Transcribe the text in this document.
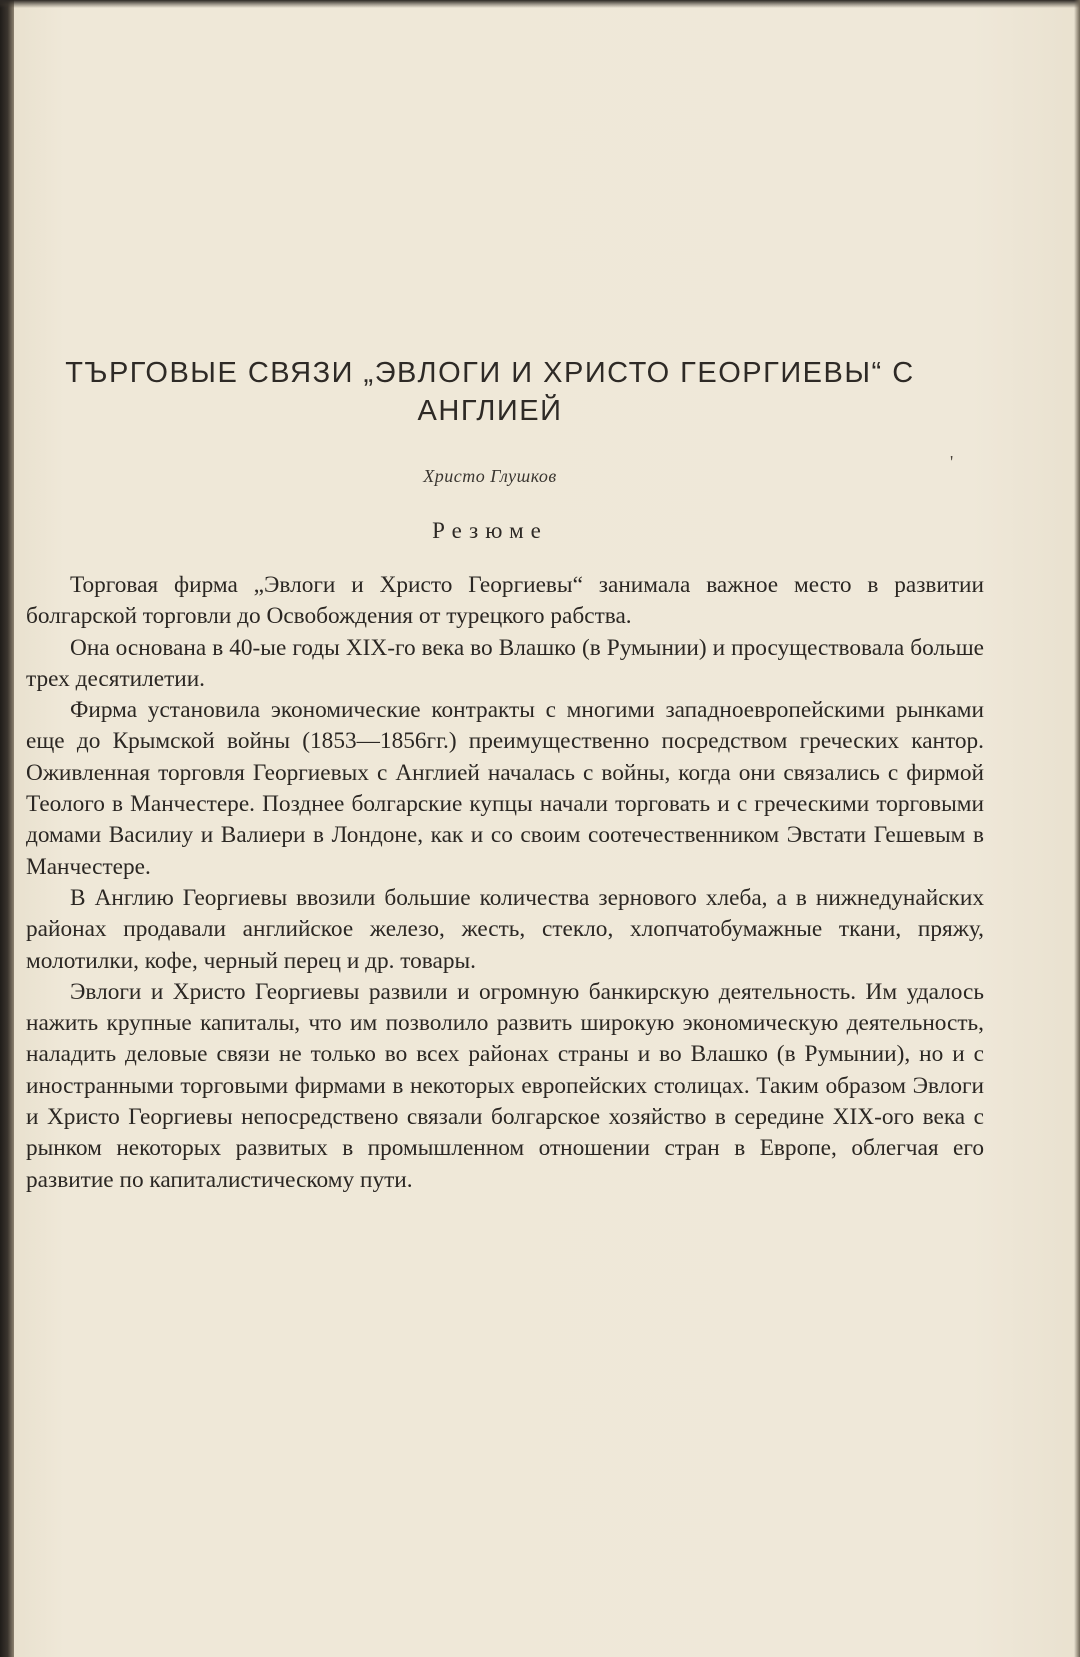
ТЪРГОВЫЕ СВЯЗИ „ЭВЛОГИ И ХРИСТО ГЕОРГИЕВЫ“ С
АНГЛИЕЙ
Христо Глушков
'
Резюме

Торговая фирма „Эвлоги и Христо Георгиевы“ занимала важное место в развитии болгарской торговли до Освобождения от турецкого рабства.

Она основана в 40-ые годы XIX-го века во Влашко (в Румынии) и просуществовала больше трех десятилетии.

Фирма установила экономические контракты с многими западноевропейскими рынками еще до Крымской войны (1853—1856гг.) преимущественно посредством греческих кантор. Оживленная торговля Георгиевых с Англией началась с войны, когда они связались с фирмой Теолого в Манчестере. Позднее болгарские купцы начали торговать и с греческими торговыми домами Василиу и Валиери в Лондоне, как и со своим соотечественником Эвстати Гешевым в Манчестере.

В Англию Георгиевы ввозили большие количества зернового хлеба, а в нижнедунайских районах продавали английское железо, жесть, стекло, хлопчатобумажные ткани, пряжу, молотилки, кофе, черный перец и др. товары.

Эвлоги и Христо Георгиевы развили и огромную банкирскую деятельность. Им удалось нажить крупные капиталы, что им позволило развить широкую экономическую деятельность, наладить деловые связи не только во всех районах страны и во Влашко (в Румынии), но и с иностранными торговыми фирмами в некоторых европейских столицах. Таким образом Эвлоги и Христо Георгиевы непосредствено связали болгарское хозяйство в середине XIX-ого века с рынком некоторых развитых в промышленном отношении стран в Европе, облегчая его развитие по капиталистическому пути.
